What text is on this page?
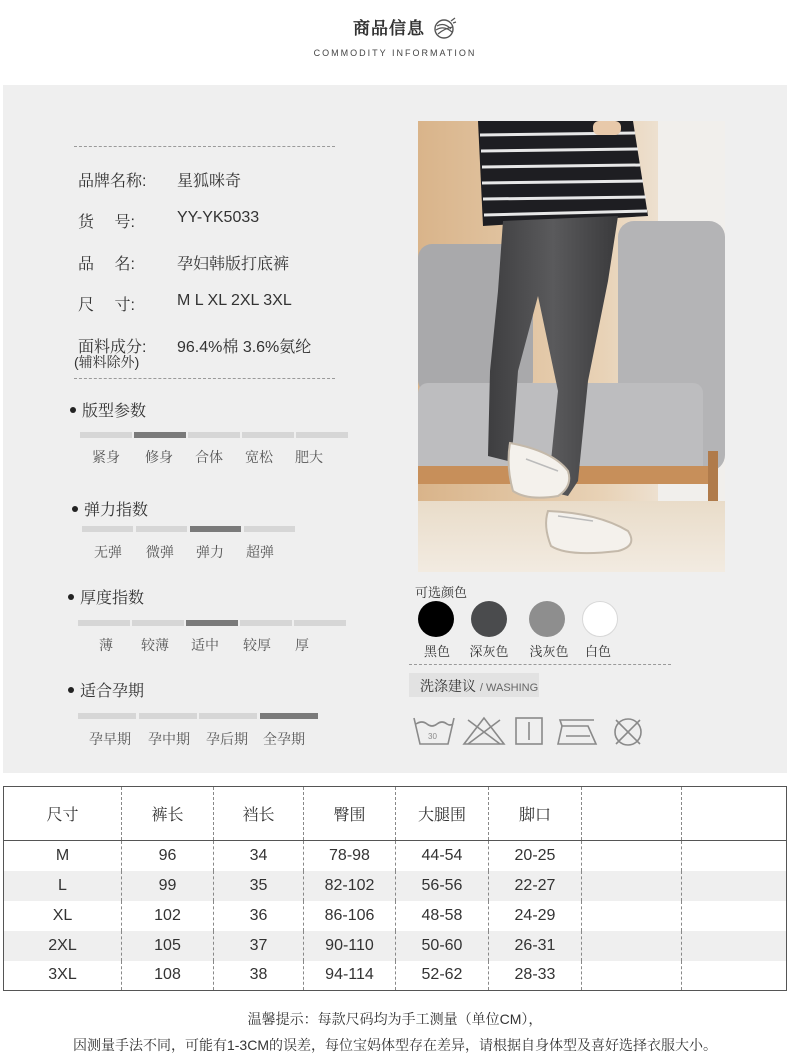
商品信息
COMMODITY INFORMATION
品牌名称: 星狐咪奇
货　 号:	YY-YK5033
品　 名:	孕妇韩版打底裤
尺　 寸:	M L XL 2XL 3XL
面料成分: 96.4%棉 3.6%氨纶
(辅料除外)
版型参数
紧身	修身	合体	宽松	肥大
弹力指数
无弹	微弹	弹力	超弹
厚度指数
薄	较薄	适中	较厚	厚
适合孕期
孕早期	孕中期	孕后期	全孕期
可选颜色
黑色	深灰色	浅灰色	白色
洗涤建议 / WASHING
30
尺寸	裤长	裆长	臀围	大腿围	脚口		
M	96	34	78-98	44-54	20-25		
L	99	35	82-102	56-56	22-27		
XL	102	36	86-106	48-58	24-29		
2XL	105	37	90-110	50-60	26-31		
3XL	108	38	94-114	52-62	28-33		
温馨提示：每款尺码均为手工测量（单位CM），
因测量手法不同，可能有1-3CM的误差，每位宝妈体型存在差异，请根据自身体型及喜好选择衣服大小。
